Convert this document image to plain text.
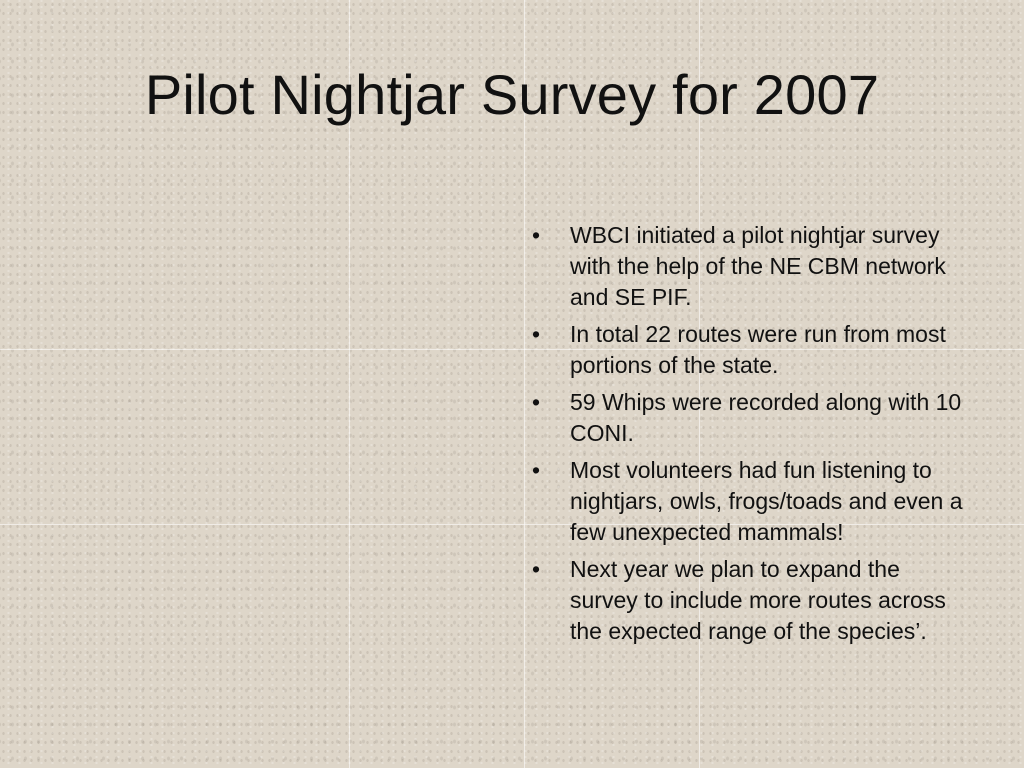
Pilot Nightjar Survey for 2007
• WBCI initiated a pilot nightjar survey with the help of the NE CBM network and SE PIF.
• In total 22 routes were run from most portions of the state.
• 59 Whips were recorded along with 10 CONI.
• Most volunteers had fun listening to nightjars, owls, frogs/toads and even a few unexpected mammals!
• Next year we plan to expand the survey to include more routes across the expected range of the species’.
